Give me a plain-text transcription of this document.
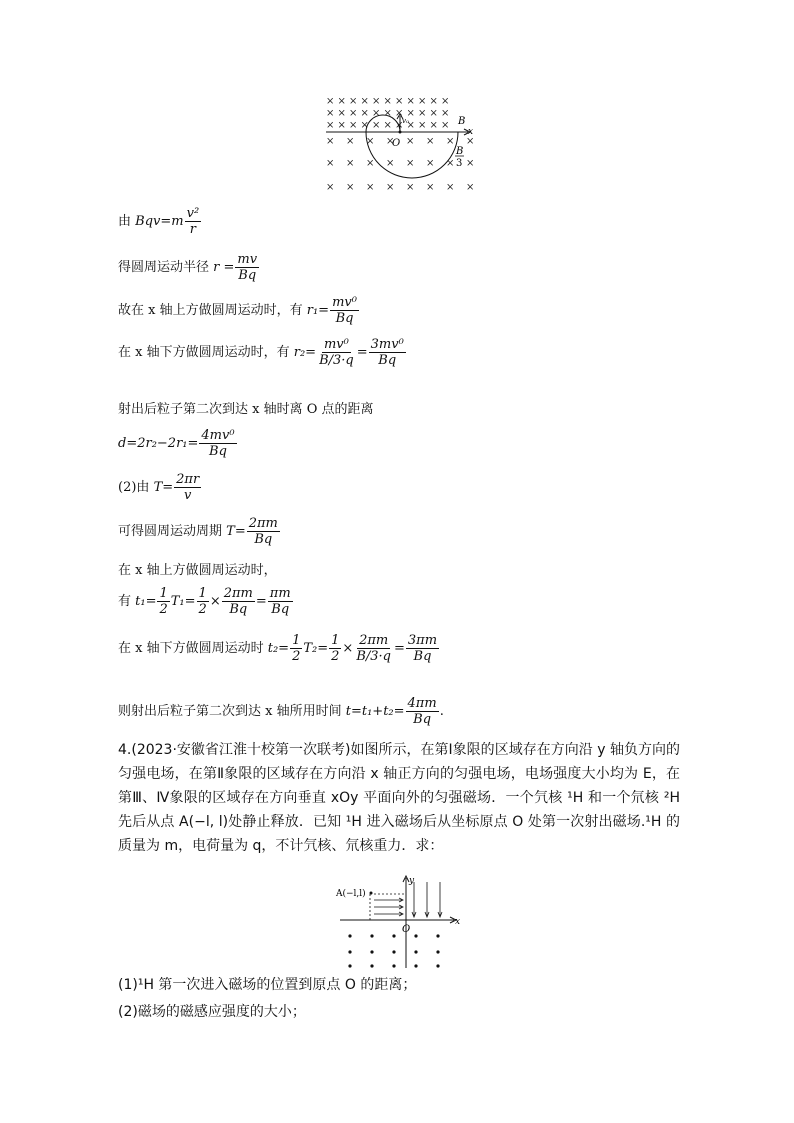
× × × × × × × × × × ×
× × × × × × × × × × ×
× × × × × × × × × × ×
× × × × × × × ×
× × × × × × × ×
× × × × × × × ×
v₀
O
B
x
B
3
由 $Bqv=m \frac{\text{v²}}{r}$
得圆周运动半径 $r = \frac{mv}{Bq}$
故在 x 轴上方做圆周运动时，有 $r_1= \frac{\text{mv⁰}}{Bq}$
在 x 轴下方做圆周运动时，有 $r_2= \frac{\text{mv⁰}}{B/3\cdot q} = \frac{\text{3mv⁰}}{Bq}$
射出后粒子第二次到达 x 轴时离 O 点的距离
$d=2r_2-2r_1= \frac{\text{4mv⁰}}{Bq}$
(2)由 $T= \frac{2\pi r}{v}$
可得圆周运动周期 $T= \frac{2\pi m}{Bq}$
在 x 轴上方做圆周运动时，
有 $t_1= \frac{1}{2} T_1= \frac{1}{2} \times \frac{2\pi m}{Bq} = \frac{\pi m}{Bq}$
在 x 轴下方做圆周运动时 $t_2= \frac{1}{2} T_2= \frac{1}{2} \times \frac{2\pi m}{B/3\cdot q} = \frac{3\pi m}{Bq}$
则射出后粒子第二次到达 x 轴所用时间 $t=t_1+t_2= \frac{4\pi m}{Bq}$ .
4.(2023·安徽省江淮十校第一次联考)如图所示，在第Ⅰ象限的区域存在方向沿 y 轴负方向的匀强电场，在第Ⅱ象限的区域存在方向沿 x 轴正方向的匀强电场，电场强度大小均为 E，在第Ⅲ、Ⅳ象限的区域存在方向垂直 xOy 平面向外的匀强磁场．一个氕核 ¹H 和一个氘核 ²H 先后从点 A(−l, l)处静止释放．已知 ¹H 进入磁场后从坐标原点 O 处第一次射出磁场.¹H 的质量为 m，电荷量为 q，不计氕核、氘核重力．求：
y
x
O
A(−l,l)
(1)¹H 第一次进入磁场的位置到原点 O 的距离；
(2)磁场的磁感应强度的大小；
